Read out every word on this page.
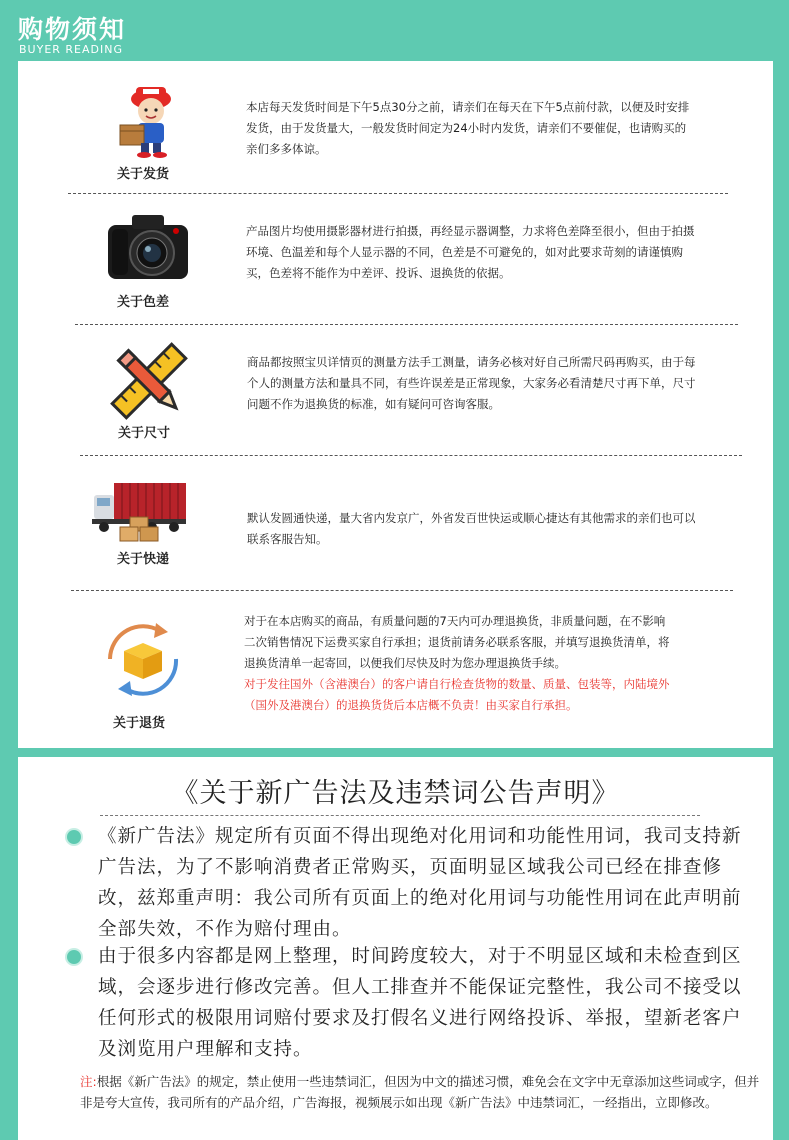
购物须知
BUYER READING
关于发货
本店每天发货时间是下午5点30分之前，请亲们在每天在下午5点前付款，以便及时安排发货，由于发货量大，一般发货时间定为24小时内发货，请亲们不要催促，也请购买的亲们多多体谅。
关于色差
产品图片均使用摄影器材进行拍摄，再经显示器调整，力求将色差降至很小，但由于拍摄环境、色温差和每个人显示器的不同，色差是不可避免的，如对此要求苛刻的请谨慎购买，色差将不能作为中差评、投诉、退换货的依据。
关于尺寸
商品都按照宝贝详情页的测量方法手工测量，请务必核对好自己所需尺码再购买，由于每个人的测量方法和量具不同，有些许误差是正常现象，大家务必看清楚尺寸再下单，尺寸问题不作为退换货的标准，如有疑问可咨询客服。
关于快递
默认发圆通快递，量大省内发京广，外省发百世快运或顺心捷达有其他需求的亲们也可以联系客服告知。
关于退货
对于在本店购买的商品，有质量问题的7天内可办理退换货，非质量问题，在不影响二次销售情况下运费买家自行承担；退货前请务必联系客服，并填写退换货清单，将退换货清单一起寄回，以便我们尽快及时为您办理退换货手续。
对于发往国外（含港澳台）的客户请自行检查货物的数量、质量、包装等，内陆境外（国外及港澳台）的退换货货后本店概不负责！由买家自行承担。
《关于新广告法及违禁词公告声明》
《新广告法》规定所有页面不得出现绝对化用词和功能性用词，我司支持新广告法，为了不影响消费者正常购买，页面明显区域我公司已经在排查修改，兹郑重声明：我公司所有页面上的绝对化用词与功能性用词在此声明前全部失效，不作为赔付理由。
由于很多内容都是网上整理，时间跨度较大，对于不明显区域和未检查到区域，会逐步进行修改完善。但人工排查并不能保证完整性，我公司不接受以任何形式的极限用词赔付要求及打假名义进行网络投诉、举报，望新老客户及浏览用户理解和支持。
注:根据《新广告法》的规定，禁止使用一些违禁词汇，但因为中文的描述习惯，难免会在文字中无章添加这些词或字，但并非是夸大宣传，我司所有的产品介绍，广告海报，视频展示如出现《新广告法》中违禁词汇，一经指出，立即修改。
